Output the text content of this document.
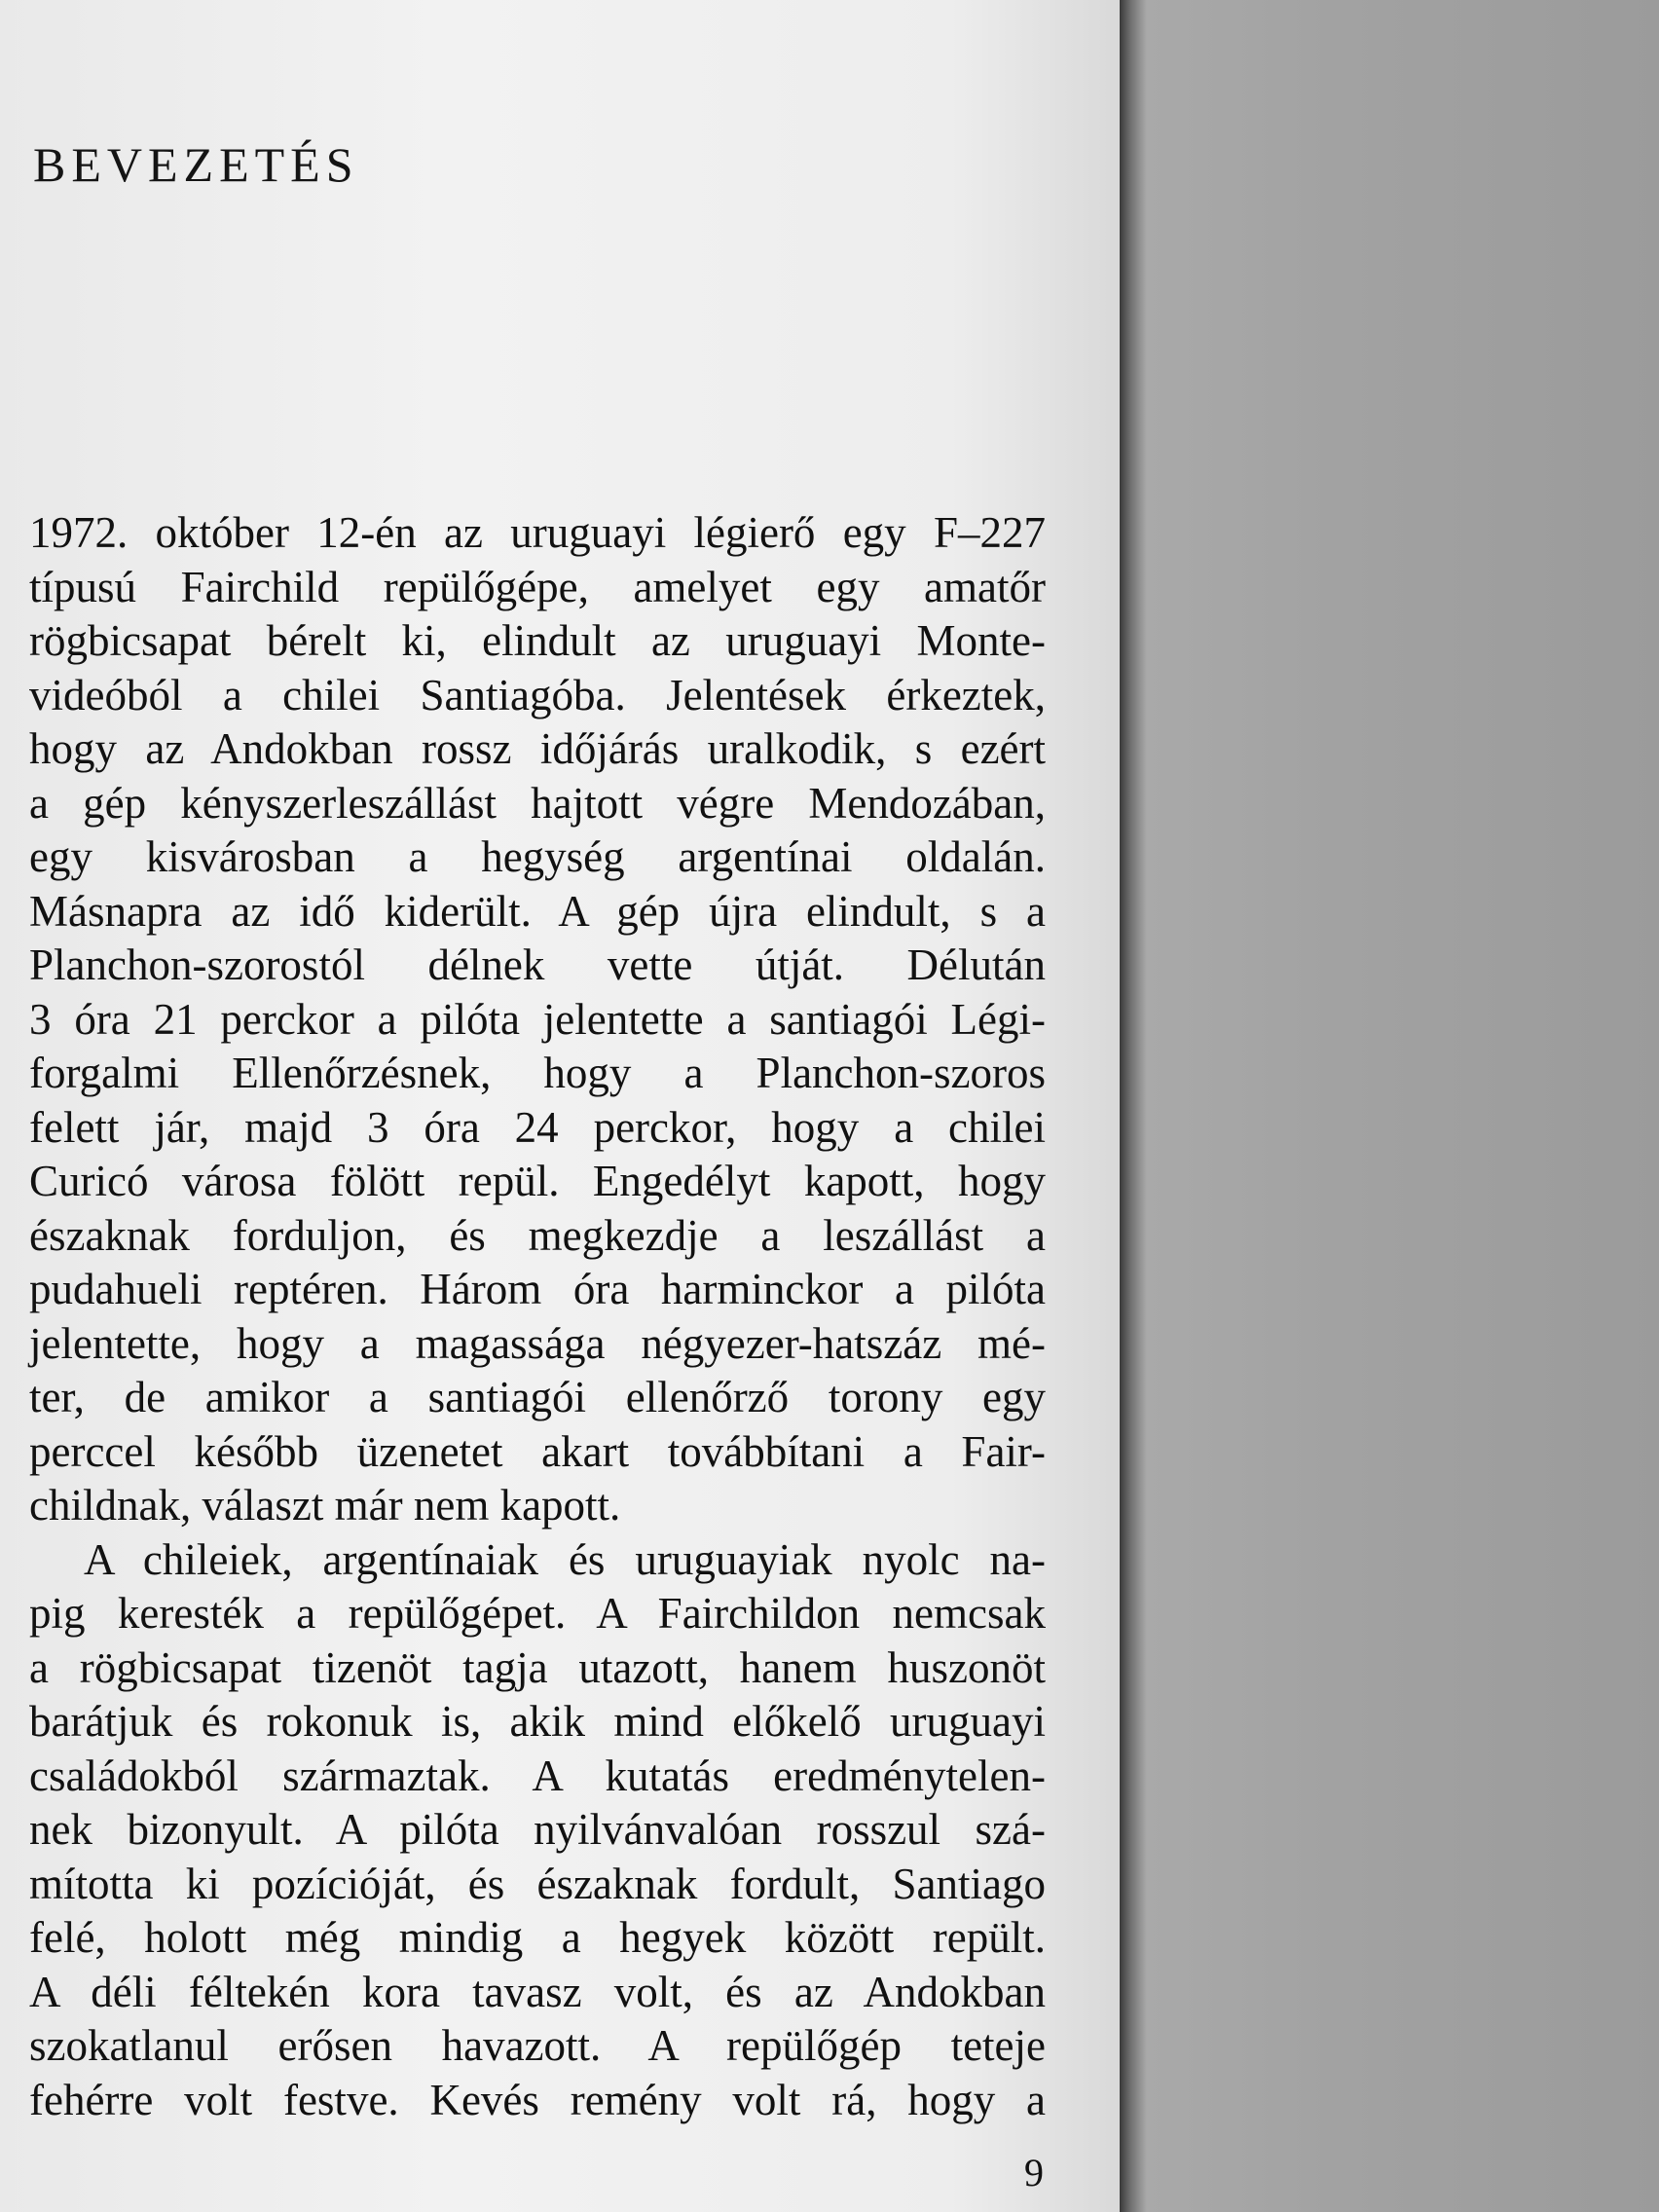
BEVEZETÉS

1972. október 12-én az uruguayi légierő egy F–227

típusú Fairchild repülőgépe, amelyet egy amatőr

rögbicsapat bérelt ki, elindult az uruguayi Monte-

videóból a chilei Santiagóba. Jelentések érkeztek,

hogy az Andokban rossz időjárás uralkodik, s ezért

a gép kényszerleszállást hajtott végre Mendozában,

egy kisvárosban a hegység argentínai oldalán.

Másnapra az idő kiderült. A gép újra elindult, s a

Planchon-szorostól délnek vette útját. Délután

3 óra 21 perckor a pilóta jelentette a santiagói Légi-

forgalmi Ellenőrzésnek, hogy a Planchon-szoros

felett jár, majd 3 óra 24 perckor, hogy a chilei

Curicó városa fölött repül. Engedélyt kapott, hogy

északnak forduljon, és megkezdje a leszállást a

pudahueli reptéren. Három óra harminckor a pilóta

jelentette, hogy a magassága négyezer-hatszáz mé-

ter, de amikor a santiagói ellenőrző torony egy

perccel később üzenetet akart továbbítani a Fair-

childnak, választ már nem kapott.

A chileiek, argentínaiak és uruguayiak nyolc na-

pig keresték a repülőgépet. A Fairchildon nemcsak

a rögbicsapat tizenöt tagja utazott, hanem huszonöt

barátjuk és rokonuk is, akik mind előkelő uruguayi

családokból származtak. A kutatás eredménytelen-

nek bizonyult. A pilóta nyilvánvalóan rosszul szá-

mította ki pozícióját, és északnak fordult, Santiago

felé, holott még mindig a hegyek között repült.

A déli féltekén kora tavasz volt, és az Andokban

szokatlanul erősen havazott. A repülőgép teteje

fehérre volt festve. Kevés remény volt rá, hogy a

9
